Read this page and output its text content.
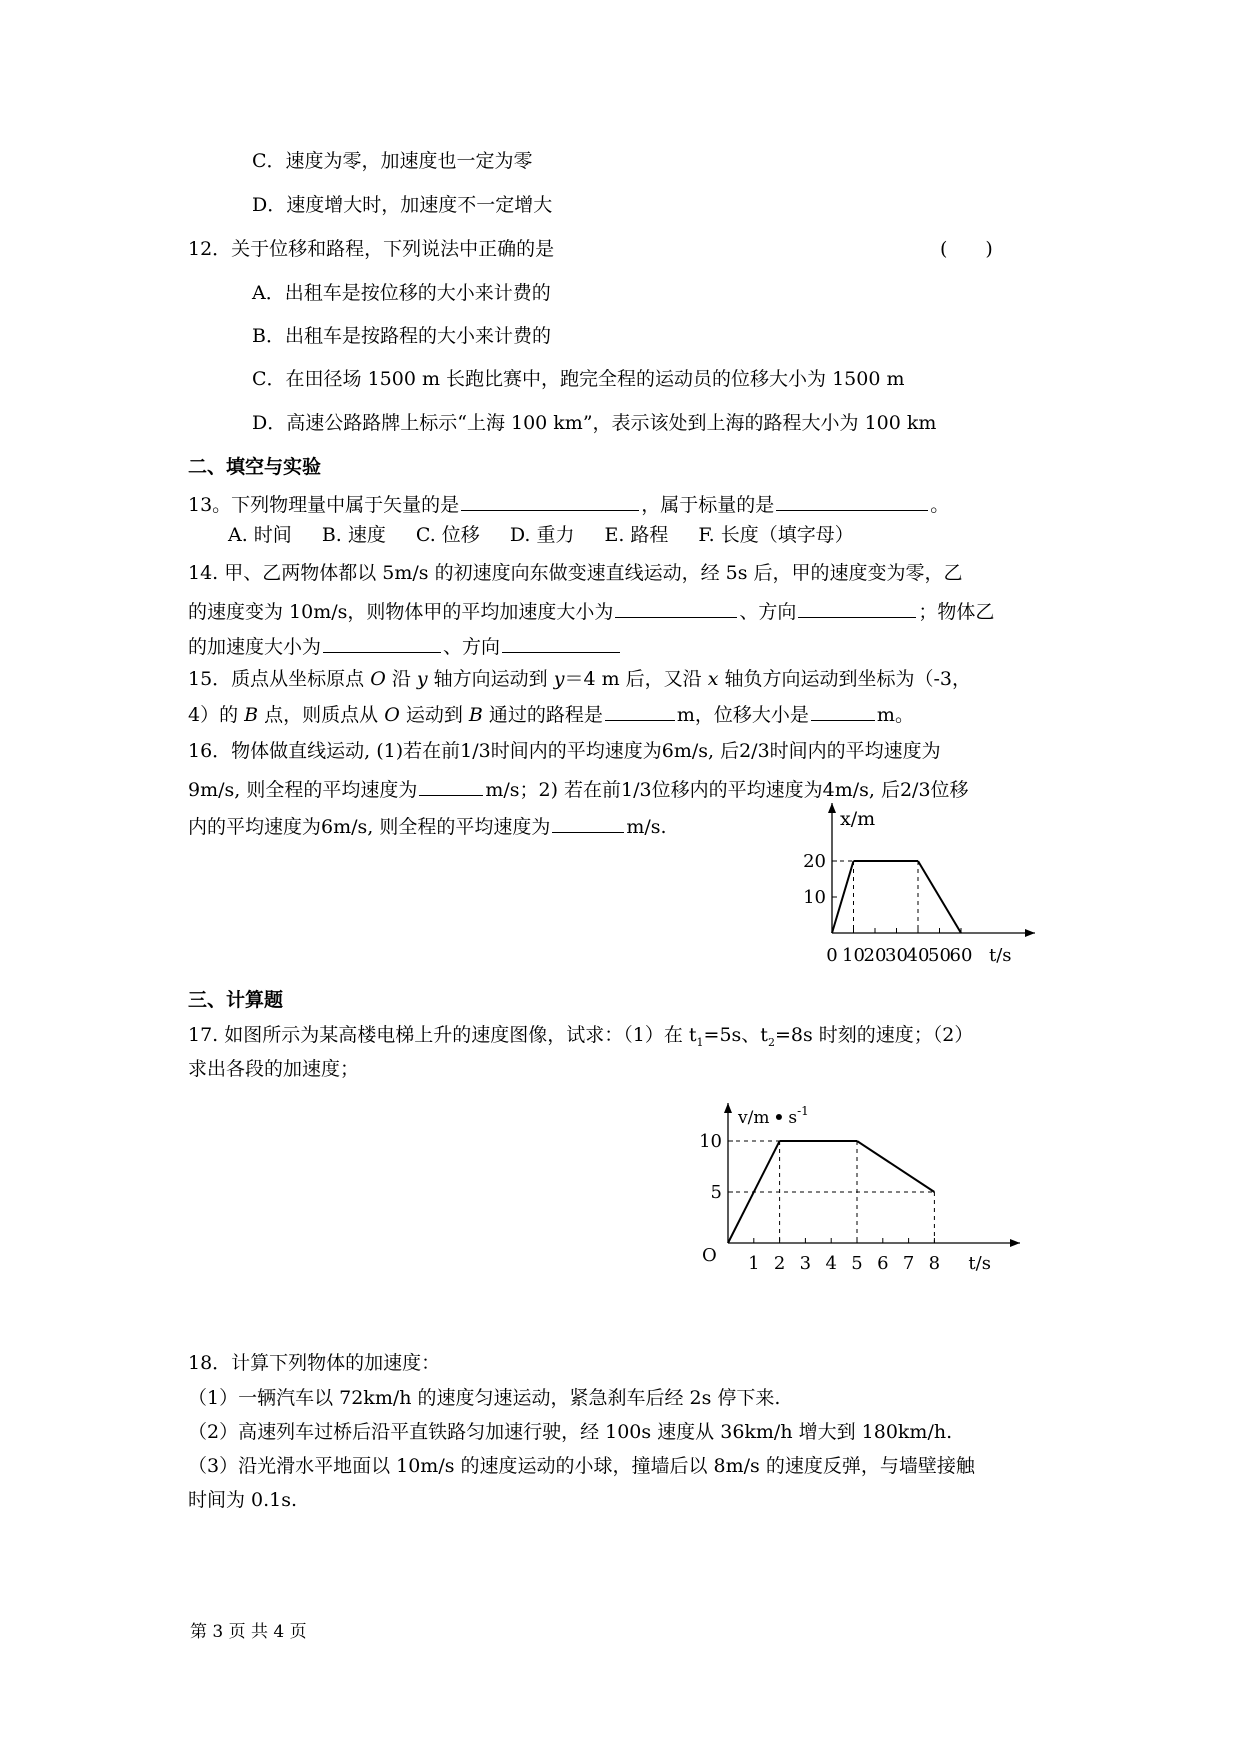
C．速度为零，加速度也一定为零
D．速度增大时，加速度不一定增大
12．关于位移和路程，下列说法中正确的是	(　　)
A．出租车是按位移的大小来计费的
B．出租车是按路程的大小来计费的
C．在田径场 1500 m 长跑比赛中，跑完全程的运动员的位移大小为 1500 m
D．高速公路路牌上标示“上海 100 km”，表示该处到上海的路程大小为 100 km
二、填空与实验
13。下列物理量中属于矢量的是	，属于标量的是	。
A. 时间 B. 速度 C. 位移 D. 重力 E. 路程 F. 长度（填字母）
14. 甲、乙两物体都以 5m/s 的初速度向东做变速直线运动，经 5s 后，甲的速度变为零，乙
的速度变为 10m/s，则物体甲的平均加速度大小为	、方向	；物体乙
的加速度大小为	、方向
15．质点从坐标原点 O 沿 y 轴方向运动到 y＝4 m 后，又沿 x 轴负方向运动到坐标为（-3，
4）的 B 点，则质点从 O 运动到 B 通过的路程是	m，位移大小是	m。
16．物体做直线运动, (1)若在前1/3时间内的平均速度为6m/s, 后2/3时间内的平均速度为
9m/s, 则全程的平均速度为	m/s；2) 若在前1/3位移内的平均速度为4m/s, 后2/3位移
内的平均速度为6m/s, 则全程的平均速度为	m/s.
0 10
20
30
40
50
60
10
20
x/m
t/s
三、计算题
17. 如图所示为某高楼电梯上升的速度图像，试求：（1）在 $t_1=5s$、$t_2=8s$ 时刻的速度；（2）
求出各段的加速度；
1 2 3 4 5 6 7 8
5
10
O
v/m • $s^{-1}$
t/s
18．计算下列物体的加速度：
（1）一辆汽车以 72km/h 的速度匀速运动，紧急刹车后经 2s 停下来.
（2）高速列车过桥后沿平直铁路匀加速行驶，经 100s 速度从 36km/h 增大到 180km/h.
（3）沿光滑水平地面以 10m/s 的速度运动的小球，撞墙后以 8m/s 的速度反弹，与墙壁接触
时间为 0.1s.
第 3 页 共 4 页
